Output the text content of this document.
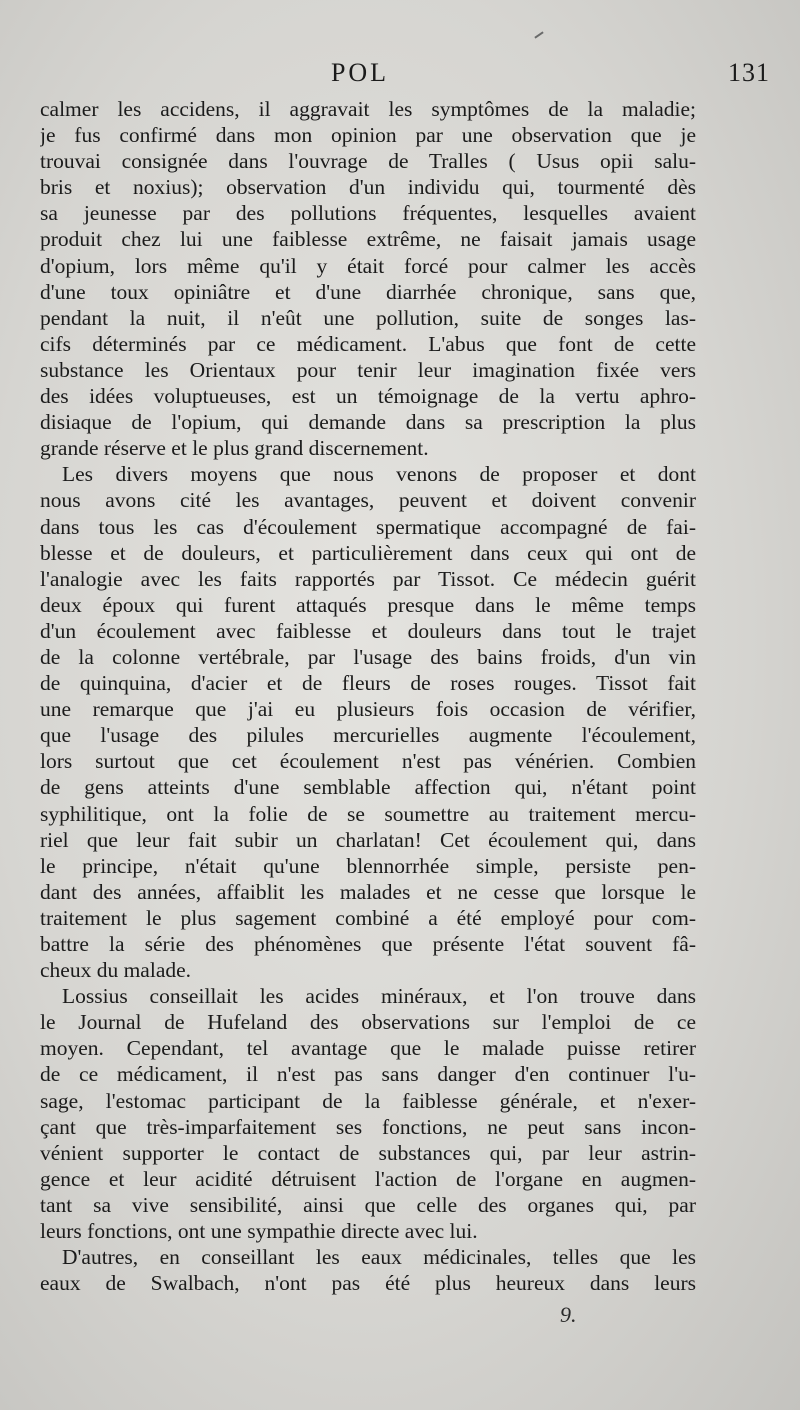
POL	131
calmer les accidens, il aggravait les symptômes de la maladie;
je fus confirmé dans mon opinion par une observation que je
trouvai consignée dans l'ouvrage de Tralles ( Usus opii salu-
bris et noxius); observation d'un individu qui, tourmenté dès
sa jeunesse par des pollutions fréquentes, lesquelles avaient
produit chez lui une faiblesse extrême, ne faisait jamais usage
d'opium, lors même qu'il y était forcé pour calmer les accès
d'une toux opiniâtre et d'une diarrhée chronique, sans que,
pendant la nuit, il n'eût une pollution, suite de songes las-
cifs déterminés par ce médicament. L'abus que font de cette
substance les Orientaux pour tenir leur imagination fixée vers
des idées voluptueuses, est un témoignage de la vertu aphro-
disiaque de l'opium, qui demande dans sa prescription la plus
grande réserve et le plus grand discernement.
Les divers moyens que nous venons de proposer et dont
nous avons cité les avantages, peuvent et doivent convenir
dans tous les cas d'écoulement spermatique accompagné de fai-
blesse et de douleurs, et particulièrement dans ceux qui ont de
l'analogie avec les faits rapportés par Tissot. Ce médecin guérit
deux époux qui furent attaqués presque dans le même temps
d'un écoulement avec faiblesse et douleurs dans tout le trajet
de la colonne vertébrale, par l'usage des bains froids, d'un vin
de quinquina, d'acier et de fleurs de roses rouges. Tissot fait
une remarque que j'ai eu plusieurs fois occasion de vérifier,
que l'usage des pilules mercurielles augmente l'écoulement,
lors surtout que cet écoulement n'est pas vénérien. Combien
de gens atteints d'une semblable affection qui, n'étant point
syphilitique, ont la folie de se soumettre au traitement mercu-
riel que leur fait subir un charlatan! Cet écoulement qui, dans
le principe, n'était qu'une blennorrhée simple, persiste pen-
dant des années, affaiblit les malades et ne cesse que lorsque le
traitement le plus sagement combiné a été employé pour com-
battre la série des phénomènes que présente l'état souvent fâ-
cheux du malade.
Lossius conseillait les acides minéraux, et l'on trouve dans
le Journal de Hufeland des observations sur l'emploi de ce
moyen. Cependant, tel avantage que le malade puisse retirer
de ce médicament, il n'est pas sans danger d'en continuer l'u-
sage, l'estomac participant de la faiblesse générale, et n'exer-
çant que très-imparfaitement ses fonctions, ne peut sans incon-
vénient supporter le contact de substances qui, par leur astrin-
gence et leur acidité détruisent l'action de l'organe en augmen-
tant sa vive sensibilité, ainsi que celle des organes qui, par
leurs fonctions, ont une sympathie directe avec lui.
D'autres, en conseillant les eaux médicinales, telles que les
eaux de Swalbach, n'ont pas été plus heureux dans leurs
9.
